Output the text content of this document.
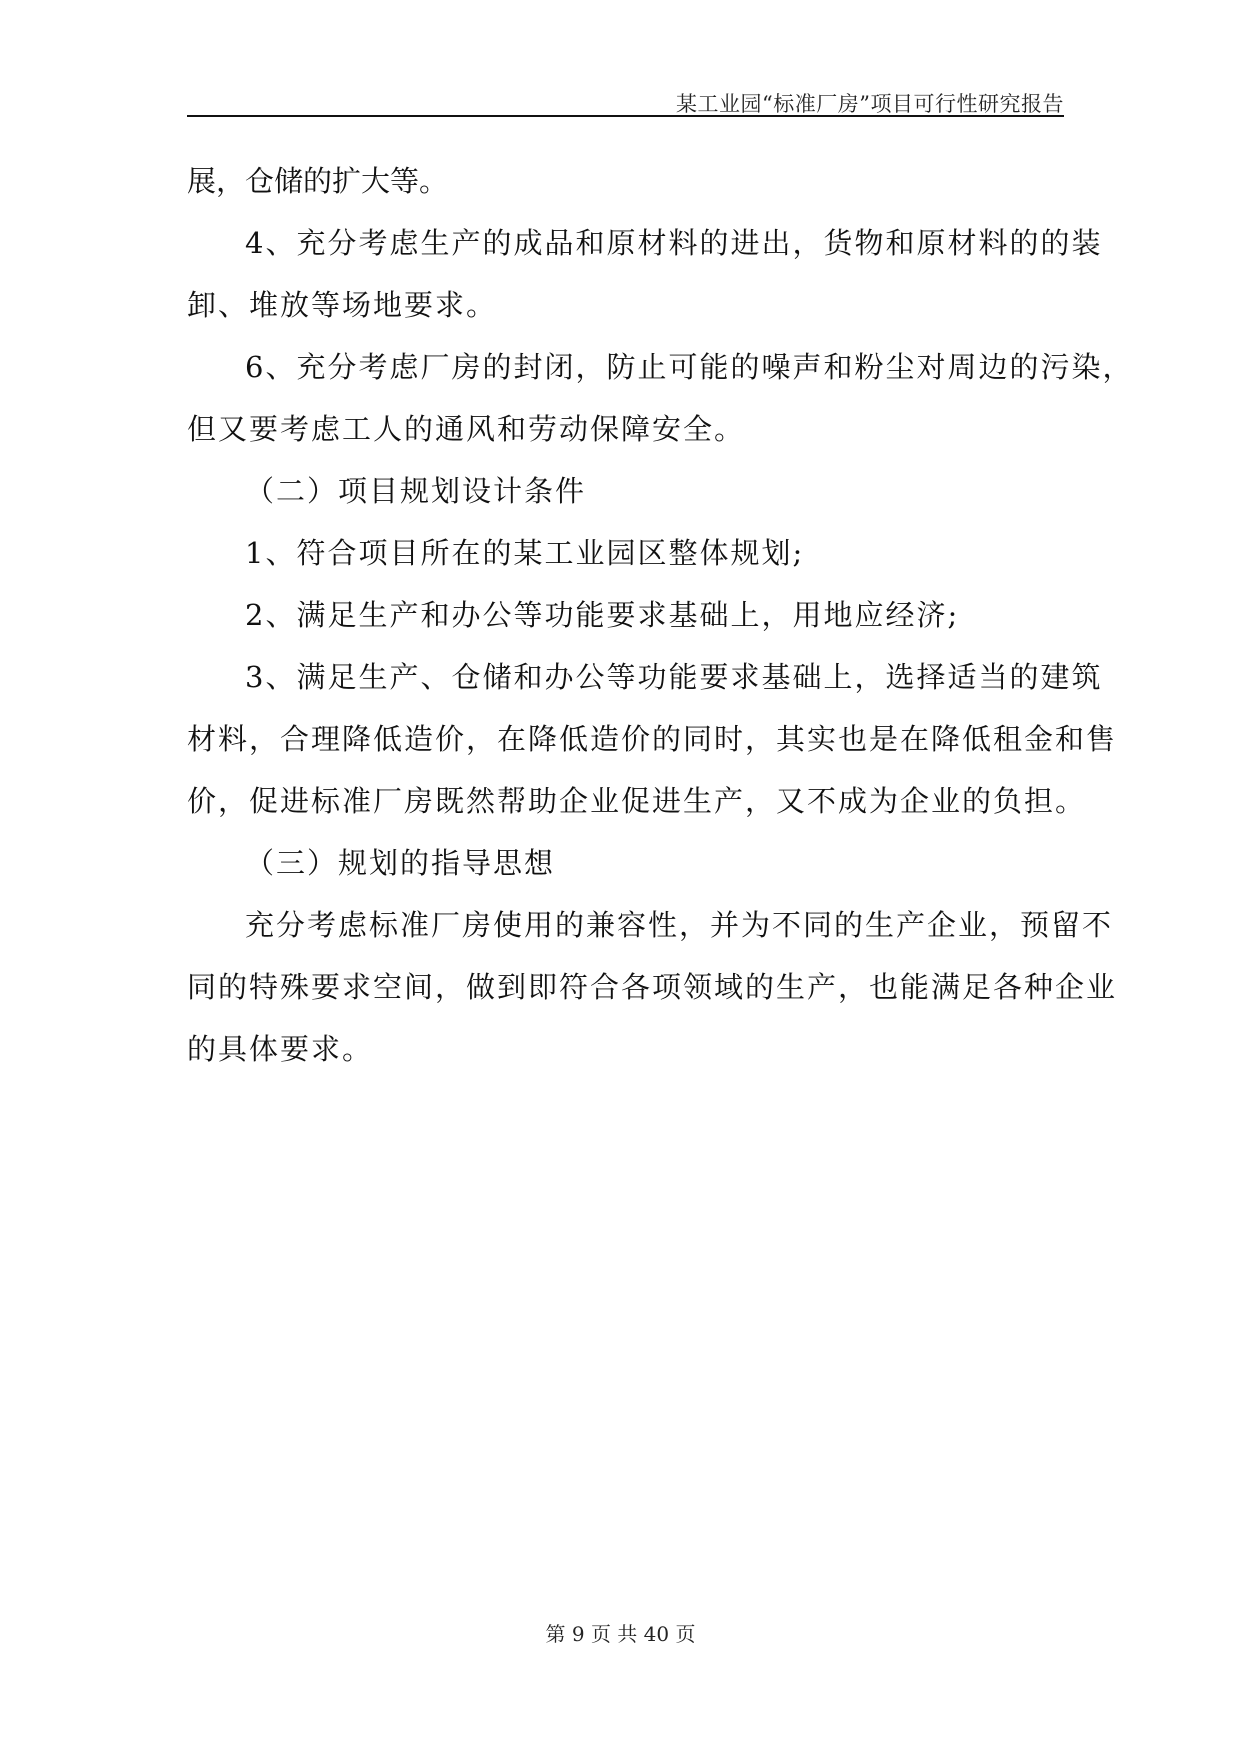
某工业园“标准厂房”项目可行性研究报告
展，仓储的扩大等。
4、充分考虑生产的成品和原材料的进出，货物和原材料的的装
卸、堆放等场地要求。
6、充分考虑厂房的封闭，防止可能的噪声和粉尘对周边的污染，
但又要考虑工人的通风和劳动保障安全。
（二）项目规划设计条件
1、符合项目所在的某工业园区整体规划;
2、满足生产和办公等功能要求基础上，用地应经济;
3、满足生产、仓储和办公等功能要求基础上，选择适当的建筑
材料，合理降低造价，在降低造价的同时，其实也是在降低租金和售
价，促进标准厂房既然帮助企业促进生产，又不成为企业的负担。
（三）规划的指导思想
充分考虑标准厂房使用的兼容性，并为不同的生产企业，预留不
同的特殊要求空间，做到即符合各项领域的生产，也能满足各种企业
的具体要求。
第 9 页 共 40 页
